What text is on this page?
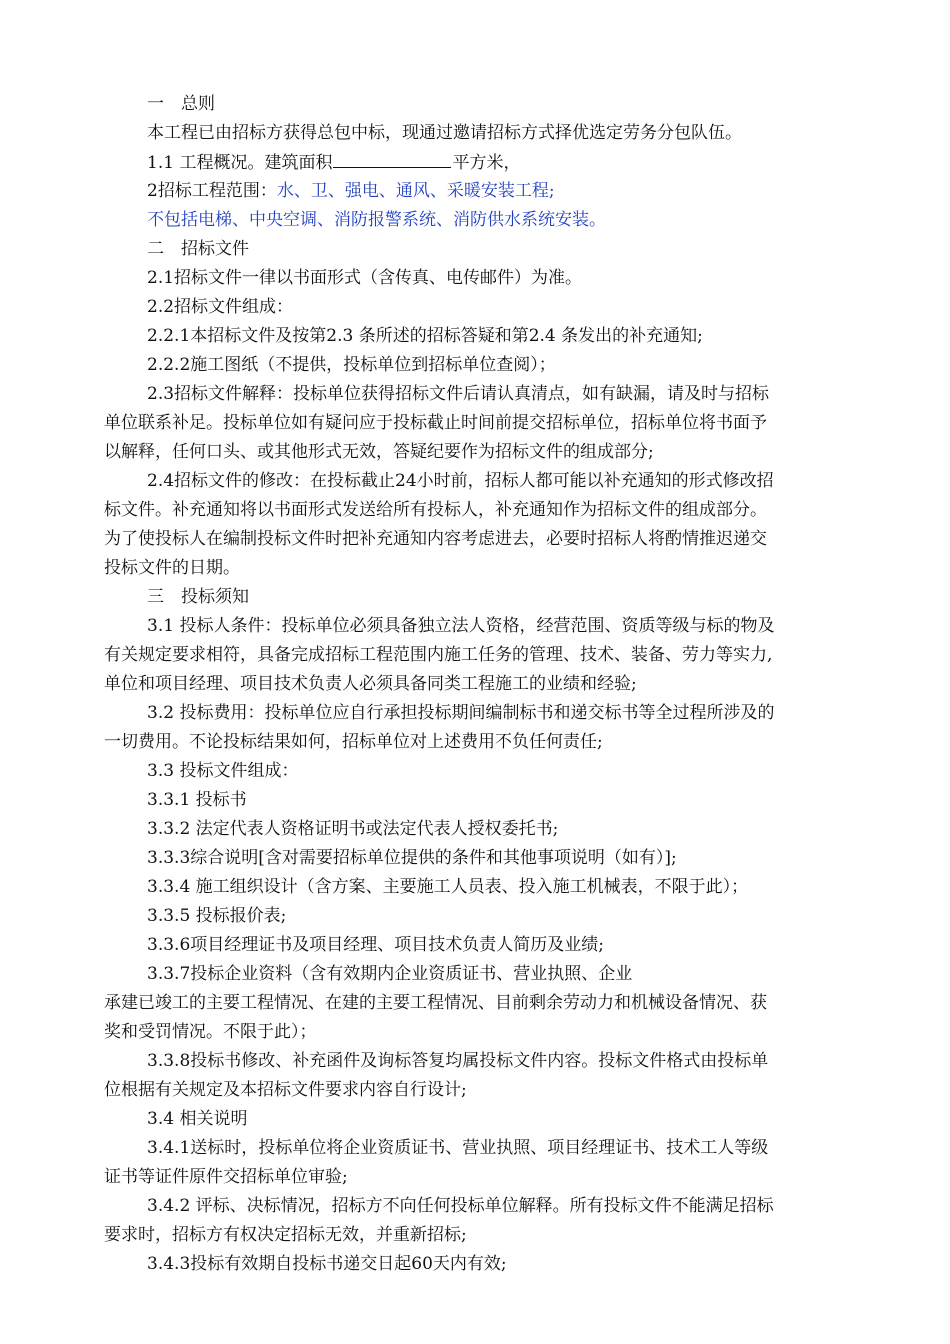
一　总则
本工程已由招标方获得总包中标，现通过邀请招标方式择优选定劳务分包队伍。
1.1 工程概况。建筑面积	平方米，
2招标工程范围：水、卫、强电、通风、采暖安装工程;
不包括电梯、中央空调、消防报警系统、消防供水系统安装。
二　招标文件
2.1招标文件一律以书面形式（含传真、电传邮件）为准。
2.2招标文件组成：
2.2.1本招标文件及按第2.3 条所述的招标答疑和第2.4 条发出的补充通知;
2.2.2施工图纸（不提供，投标单位到招标单位查阅）；
2.3招标文件解释：投标单位获得招标文件后请认真清点，如有缺漏，请及时与招标
单位联系补足。投标单位如有疑问应于投标截止时间前提交招标单位，招标单位将书面予
以解释，任何口头、或其他形式无效，答疑纪要作为招标文件的组成部分;
2.4招标文件的修改：在投标截止24小时前，招标人都可能以补充通知的形式修改招
标文件。补充通知将以书面形式发送给所有投标人，补充通知作为招标文件的组成部分。
为了使投标人在编制投标文件时把补充通知内容考虑进去，必要时招标人将酌情推迟递交
投标文件的日期。
三　投标须知
3.1 投标人条件：投标单位必须具备独立法人资格，经营范围、资质等级与标的物及
有关规定要求相符，具备完成招标工程范围内施工任务的管理、技术、装备、劳力等实力,
单位和项目经理、项目技术负责人必须具备同类工程施工的业绩和经验;
3.2 投标费用：投标单位应自行承担投标期间编制标书和递交标书等全过程所涉及的
一切费用。不论投标结果如何，招标单位对上述费用不负任何责任;
3.3 投标文件组成：
3.3.1 投标书
3.3.2 法定代表人资格证明书或法定代表人授权委托书;
3.3.3综合说明[含对需要招标单位提供的条件和其他事项说明（如有）];
3.3.4 施工组织设计（含方案、主要施工人员表、投入施工机械表，不限于此）；
3.3.5 投标报价表;
3.3.6项目经理证书及项目经理、项目技术负责人简历及业绩;
3.3.7投标企业资料（含有效期内企业资质证书、营业执照、企业
承建已竣工的主要工程情况、在建的主要工程情况、目前剩余劳动力和机械设备情况、获
奖和受罚情况。不限于此）；
3.3.8投标书修改、补充函件及询标答复均属投标文件内容。投标文件格式由投标单
位根据有关规定及本招标文件要求内容自行设计;
3.4 相关说明
3.4.1送标时，投标单位将企业资质证书、营业执照、项目经理证书、技术工人等级
证书等证件原件交招标单位审验;
3.4.2 评标、决标情况，招标方不向任何投标单位解释。所有投标文件不能满足招标
要求时，招标方有权决定招标无效，并重新招标;
3.4.3投标有效期自投标书递交日起60天内有效;
